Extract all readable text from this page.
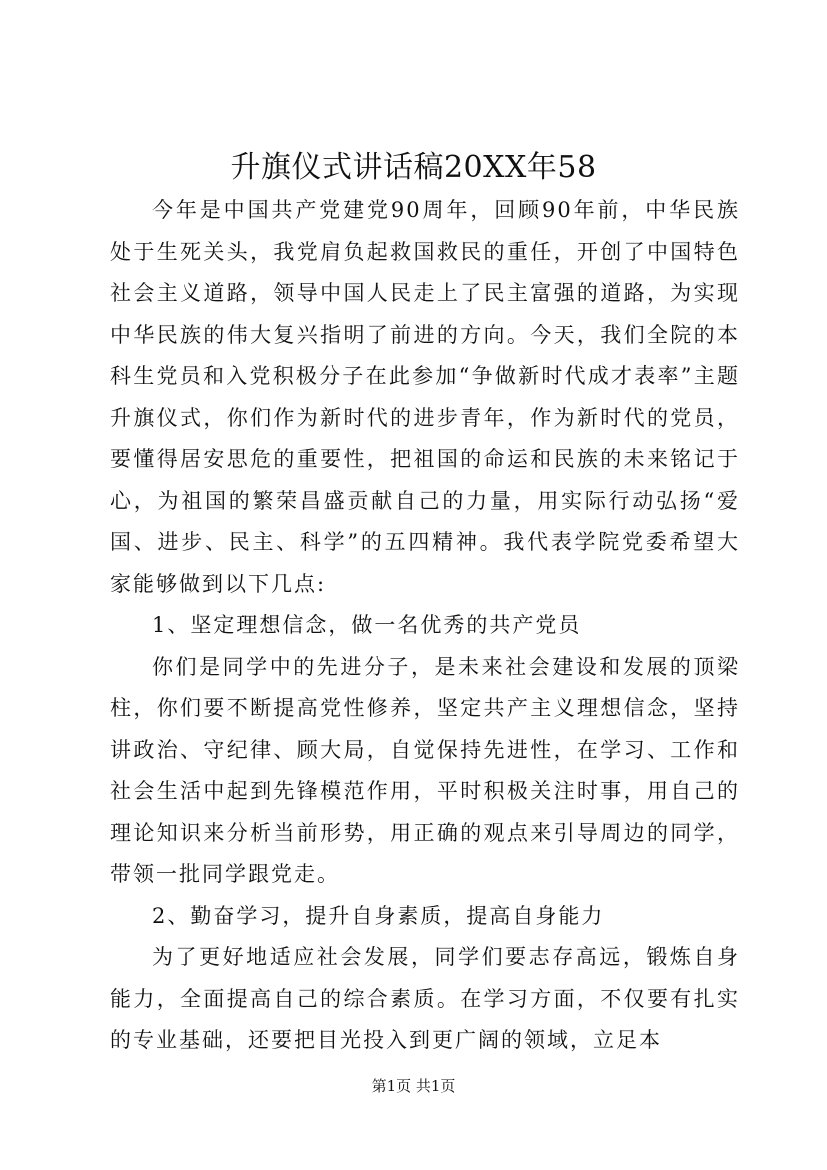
升旗仪式讲话稿20XX年58

今年是中国共产党建党90周年，回顾90年前，中华民族处于生死关头，我党肩负起救国救民的重任，开创了中国特色社会主义道路，领导中国人民走上了民主富强的道路，为实现中华民族的伟大复兴指明了前进的方向。今天，我们全院的本科生党员和入党积极分子在此参加“争做新时代成才表率”主题升旗仪式，你们作为新时代的进步青年，作为新时代的党员，要懂得居安思危的重要性，把祖国的命运和民族的未来铭记于心，为祖国的繁荣昌盛贡献自己的力量，用实际行动弘扬“爱国、进步、民主、科学”的五四精神。我代表学院党委希望大家能够做到以下几点:

1、坚定理想信念，做一名优秀的共产党员

你们是同学中的先进分子，是未来社会建设和发展的顶梁柱，你们要不断提高党性修养，坚定共产主义理想信念，坚持讲政治、守纪律、顾大局，自觉保持先进性，在学习、工作和社会生活中起到先锋模范作用，平时积极关注时事，用自己的理论知识来分析当前形势，用正确的观点来引导周边的同学，带领一批同学跟党走。

2、勤奋学习，提升自身素质，提高自身能力

为了更好地适应社会发展，同学们要志存高远，锻炼自身能力，全面提高自己的综合素质。在学习方面，不仅要有扎实的专业基础，还要把目光投入到更广阔的领域，立足本

第1页 共1页
